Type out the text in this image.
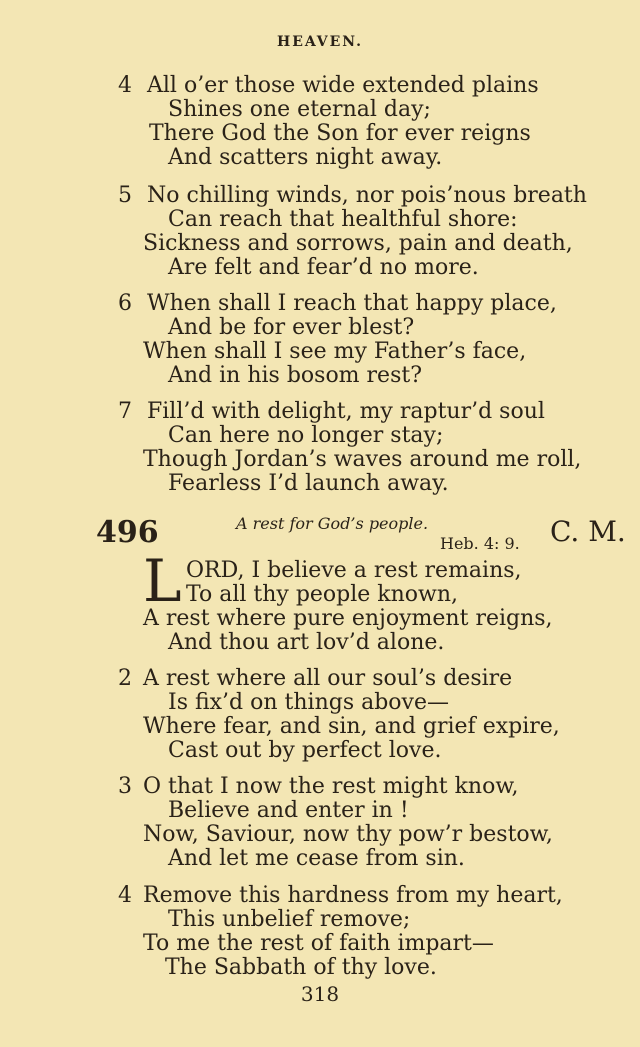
HEAVEN.
4 All o’er those wide extended plains
Shines one eternal day;
There God the Son for ever reigns
And scatters night away.
5 No chilling winds, nor pois’nous breath
Can reach that healthful shore:
Sickness and sorrows, pain and death,
Are felt and fear’d no more.
6 When shall I reach that happy place,
And be for ever blest?
When shall I see my Father’s face,
And in his bosom rest?
7 Fill’d with delight, my raptur’d soul
Can here no longer stay;
Though Jordan’s waves around me roll,
Fearless I’d launch away.
496	A rest for God’s people.
Heb. 4: 9. C. M.
L ORD, I believe a rest remains,
To all thy people known,
A rest where pure enjoyment reigns,
And thou art lov’d alone.
2 A rest where all our soul’s desire
Is fix’d on things above—
Where fear, and sin, and grief expire,
Cast out by perfect love.
3 O that I now the rest might know,
Believe and enter in !
Now, Saviour, now thy pow’r bestow,
And let me cease from sin.
4 Remove this hardness from my heart,
This unbelief remove;
To me the rest of faith impart—
The Sabbath of thy love.
318
